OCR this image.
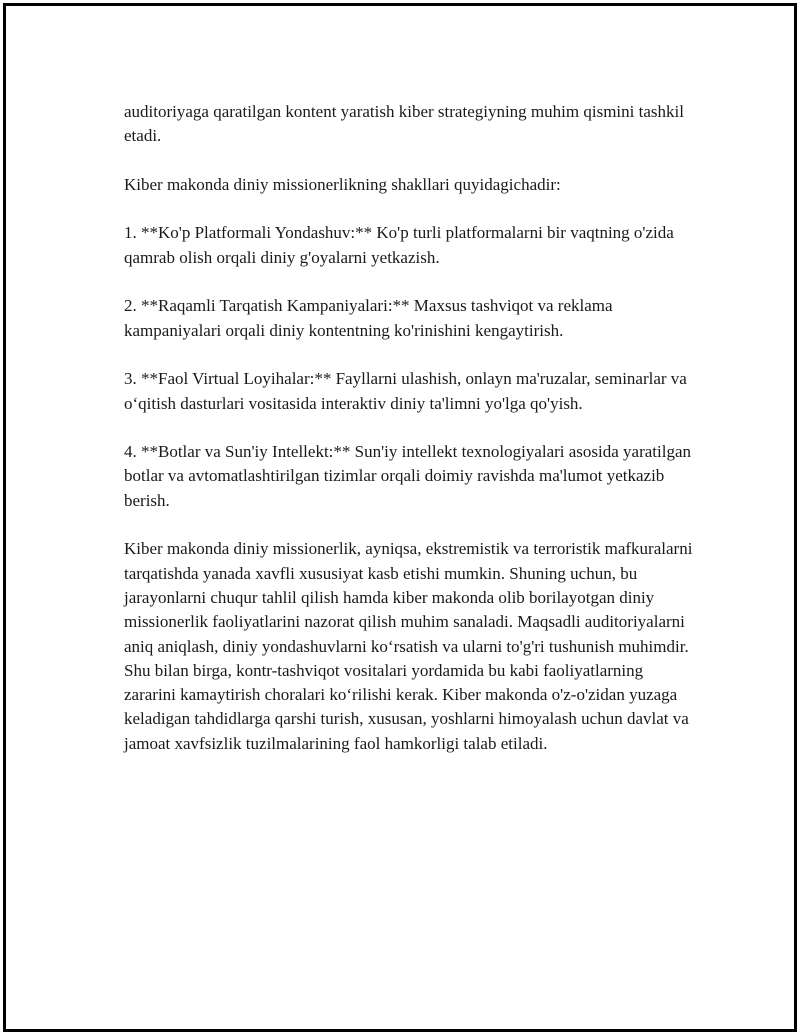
auditoriyaga qaratilgan kontent yaratish kiber strategiyning muhim qismini tashkil etadi.

Kiber makonda diniy missionerlikning shakllari quyidagichadir:

1. **Ko'p Platformali Yondashuv:** Ko'p turli platformalarni bir vaqtning o'zida qamrab olish orqali diniy g'oyalarni yetkazish.

2. **Raqamli Tarqatish Kampaniyalari:** Maxsus tashviqot va reklama kampaniyalari orqali diniy kontentning ko'rinishini kengaytirish.

3. **Faol Virtual Loyihalar:** Fayllarni ulashish, onlayn ma'ruzalar, seminarlar va o‘qitish dasturlari vositasida interaktiv diniy ta'limni yo'lga qo'yish.

4. **Botlar va Sun'iy Intellekt:** Sun'iy intellekt texnologiyalari asosida yaratilgan botlar va avtomatlashtirilgan tizimlar orqali doimiy ravishda ma'lumot yetkazib berish.

Kiber makonda diniy missionerlik, ayniqsa, ekstremistik va terroristik mafkuralarni tarqatishda yanada xavfli xususiyat kasb etishi mumkin. Shuning uchun, bu jarayonlarni chuqur tahlil qilish hamda kiber makonda olib borilayotgan diniy missionerlik faoliyatlarini nazorat qilish muhim sanaladi. Maqsadli auditoriyalarni aniq aniqlash, diniy yondashuvlarni ko‘rsatish va ularni to'g'ri tushunish muhimdir. Shu bilan birga, kontr-tashviqot vositalari yordamida bu kabi faoliyatlarning zararini kamaytirish choralari ko‘rilishi kerak. Kiber makonda o'z-o'zidan yuzaga keladigan tahdidlarga qarshi turish, xususan, yoshlarni himoyalash uchun davlat va jamoat xavfsizlik tuzilmalarining faol hamkorligi talab etiladi.
